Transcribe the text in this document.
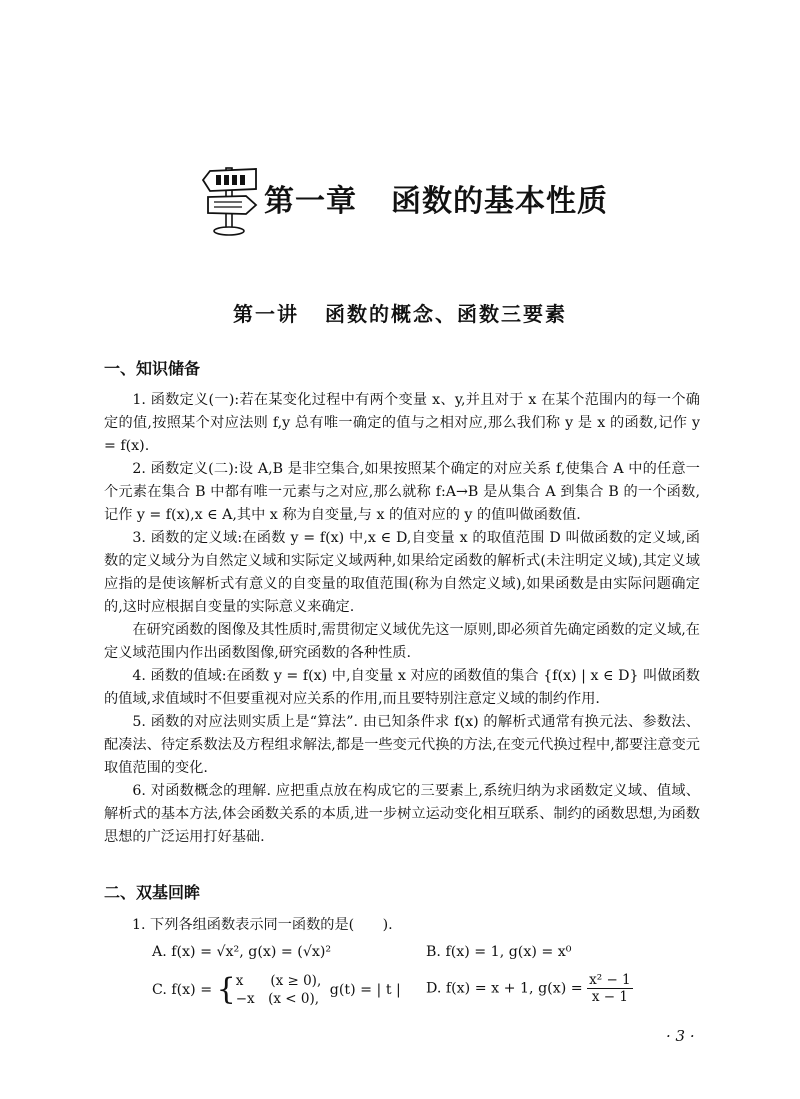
第一章 函数的基本性质
第一讲 函数的概念、函数三要素
一、知识储备

1. 函数定义(一):若在某变化过程中有两个变量 x、y,并且对于 x 在某个范围内的每一个确定的值,按照某个对应法则 f,y 总有唯一确定的值与之相对应,那么我们称 y 是 x 的函数,记作 y = f(x).

2. 函数定义(二):设 A,B 是非空集合,如果按照某个确定的对应关系 f,使集合 A 中的任意一个元素在集合 B 中都有唯一元素与之对应,那么就称 f:A→B 是从集合 A 到集合 B 的一个函数,记作 y = f(x),x ∈ A,其中 x 称为自变量,与 x 的值对应的 y 的值叫做函数值.

3. 函数的定义域:在函数 y = f(x) 中,x ∈ D,自变量 x 的取值范围 D 叫做函数的定义域,函数的定义域分为自然定义域和实际定义域两种,如果给定函数的解析式(未注明定义域),其定义域应指的是使该解析式有意义的自变量的取值范围(称为自然定义域),如果函数是由实际问题确定的,这时应根据自变量的实际意义来确定.

在研究函数的图像及其性质时,需贯彻定义域优先这一原则,即必须首先确定函数的定义域,在定义域范围内作出函数图像,研究函数的各种性质.

4. 函数的值域:在函数 y = f(x) 中,自变量 x 对应的函数值的集合 {f(x) | x ∈ D} 叫做函数的值域,求值域时不但要重视对应关系的作用,而且要特别注意定义域的制约作用.

5. 函数的对应法则实质上是“算法”. 由已知条件求 f(x) 的解析式通常有换元法、参数法、配凑法、待定系数法及方程组求解法,都是一些变元代换的方法,在变元代换过程中,都要注意变元取值范围的变化.

6. 对函数概念的理解. 应把重点放在构成它的三要素上,系统归纳为求函数定义域、值域、解析式的基本方法,体会函数关系的本质,进一步树立运动变化相互联系、制约的函数思想,为函数思想的广泛运用打好基础.

二、双基回眸
1. 下列各组函数表示同一函数的是(　　).
A. f(x) = √x², g(x) = (√x)²	B. f(x) = 1, g(x) = x⁰
C. f(x) = { x　　(x ≥ 0),
−x　(x < 0),
g(t) = | t | D. f(x) = x + 1, $g(x) = \frac{\text{x² − 1}}{x - 1}$
· 3 ·
